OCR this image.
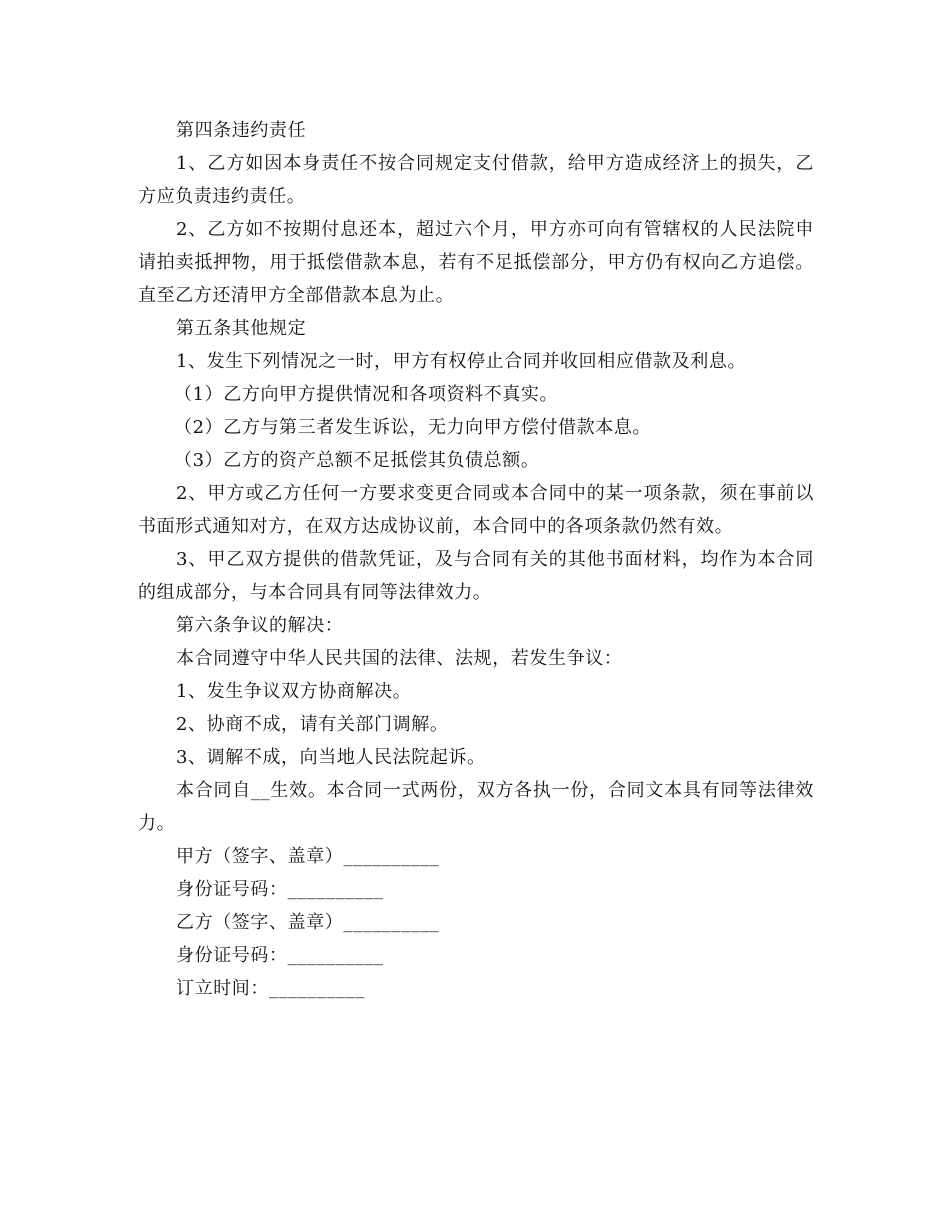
第四条违约责任
1、乙方如因本身责任不按合同规定支付借款，给甲方造成经济上的损失，乙方应负责违约责任。
2、乙方如不按期付息还本，超过六个月，甲方亦可向有管辖权的人民法院申请拍卖抵押物，用于抵偿借款本息，若有不足抵偿部分，甲方仍有权向乙方追偿。直至乙方还清甲方全部借款本息为止。
第五条其他规定
1、发生下列情况之一时，甲方有权停止合同并收回相应借款及利息。
（1）乙方向甲方提供情况和各项资料不真实。
（2）乙方与第三者发生诉讼，无力向甲方偿付借款本息。
（3）乙方的资产总额不足抵偿其负债总额。
2、甲方或乙方任何一方要求变更合同或本合同中的某一项条款，须在事前以书面形式通知对方，在双方达成协议前，本合同中的各项条款仍然有效。
3、甲乙双方提供的借款凭证，及与合同有关的其他书面材料，均作为本合同的组成部分，与本合同具有同等法律效力。
第六条争议的解决：
本合同遵守中华人民共国的法律、法规，若发生争议：
1、发生争议双方协商解决。
2、协商不成，请有关部门调解。
3、调解不成，向当地人民法院起诉。
本合同自__生效。本合同一式两份，双方各执一份，合同文本具有同等法律效力。
甲方（签字、盖章）__________
身份证号码：__________
乙方（签字、盖章）__________
身份证号码：__________
订立时间：__________
